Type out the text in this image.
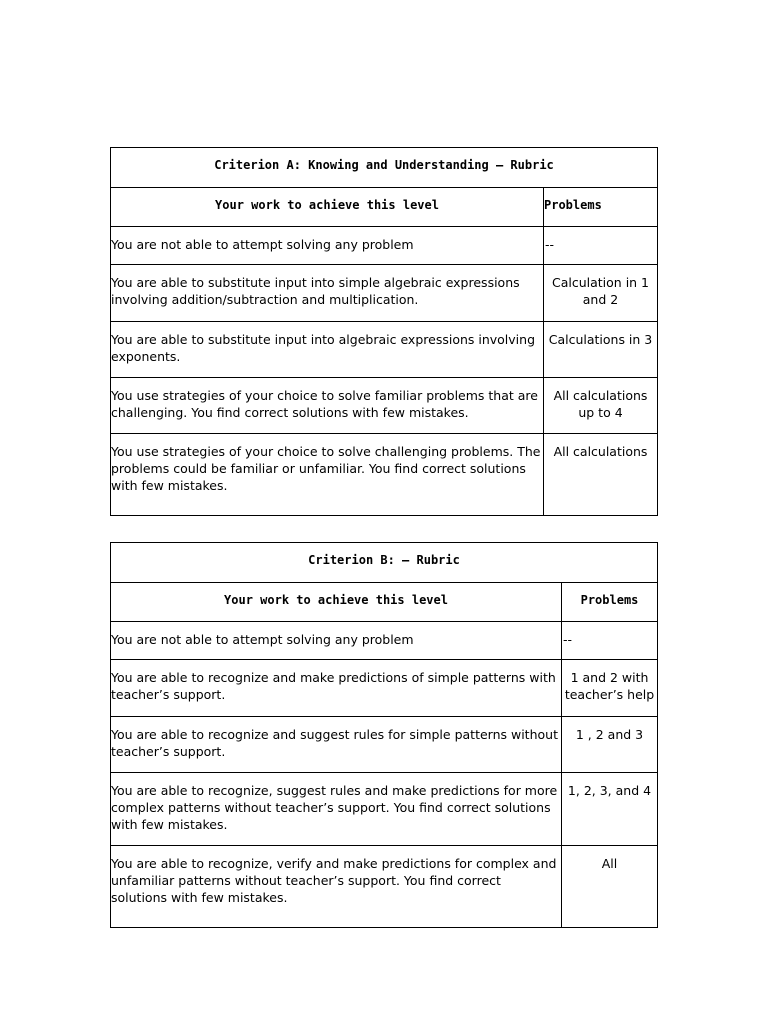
Criterion A: Knowing and Understanding – Rubric	
Your work to achieve this level	Problems
You are not able to attempt solving any problem	--
You are able to substitute input into simple algebraic expressions involving addition/subtraction and multiplication.	Calculation in 1 and 2
You are able to substitute input into algebraic expressions involving exponents.	Calculations in 3
You use strategies of your choice to solve familiar problems that are challenging. You find correct solutions with few mistakes.	All calculations up to 4
You use strategies of your choice to solve challenging problems. The problems could be familiar or unfamiliar. You find correct solutions with few mistakes.	All calculations
Criterion B: – Rubric	
Your work to achieve this level	Problems
You are not able to attempt solving any problem	--
You are able to recognize and make predictions of simple patterns with teacher’s support.	1 and 2 with teacher’s help
You are able to recognize and suggest rules for simple patterns without teacher’s support.	1 , 2 and 3
You are able to recognize, suggest rules and make predictions for more complex patterns without teacher’s support. You find correct solutions with few mistakes.	1, 2, 3, and 4
You are able to recognize, verify and make predictions for complex and unfamiliar patterns without teacher’s support. You find correct solutions with few mistakes.	All
